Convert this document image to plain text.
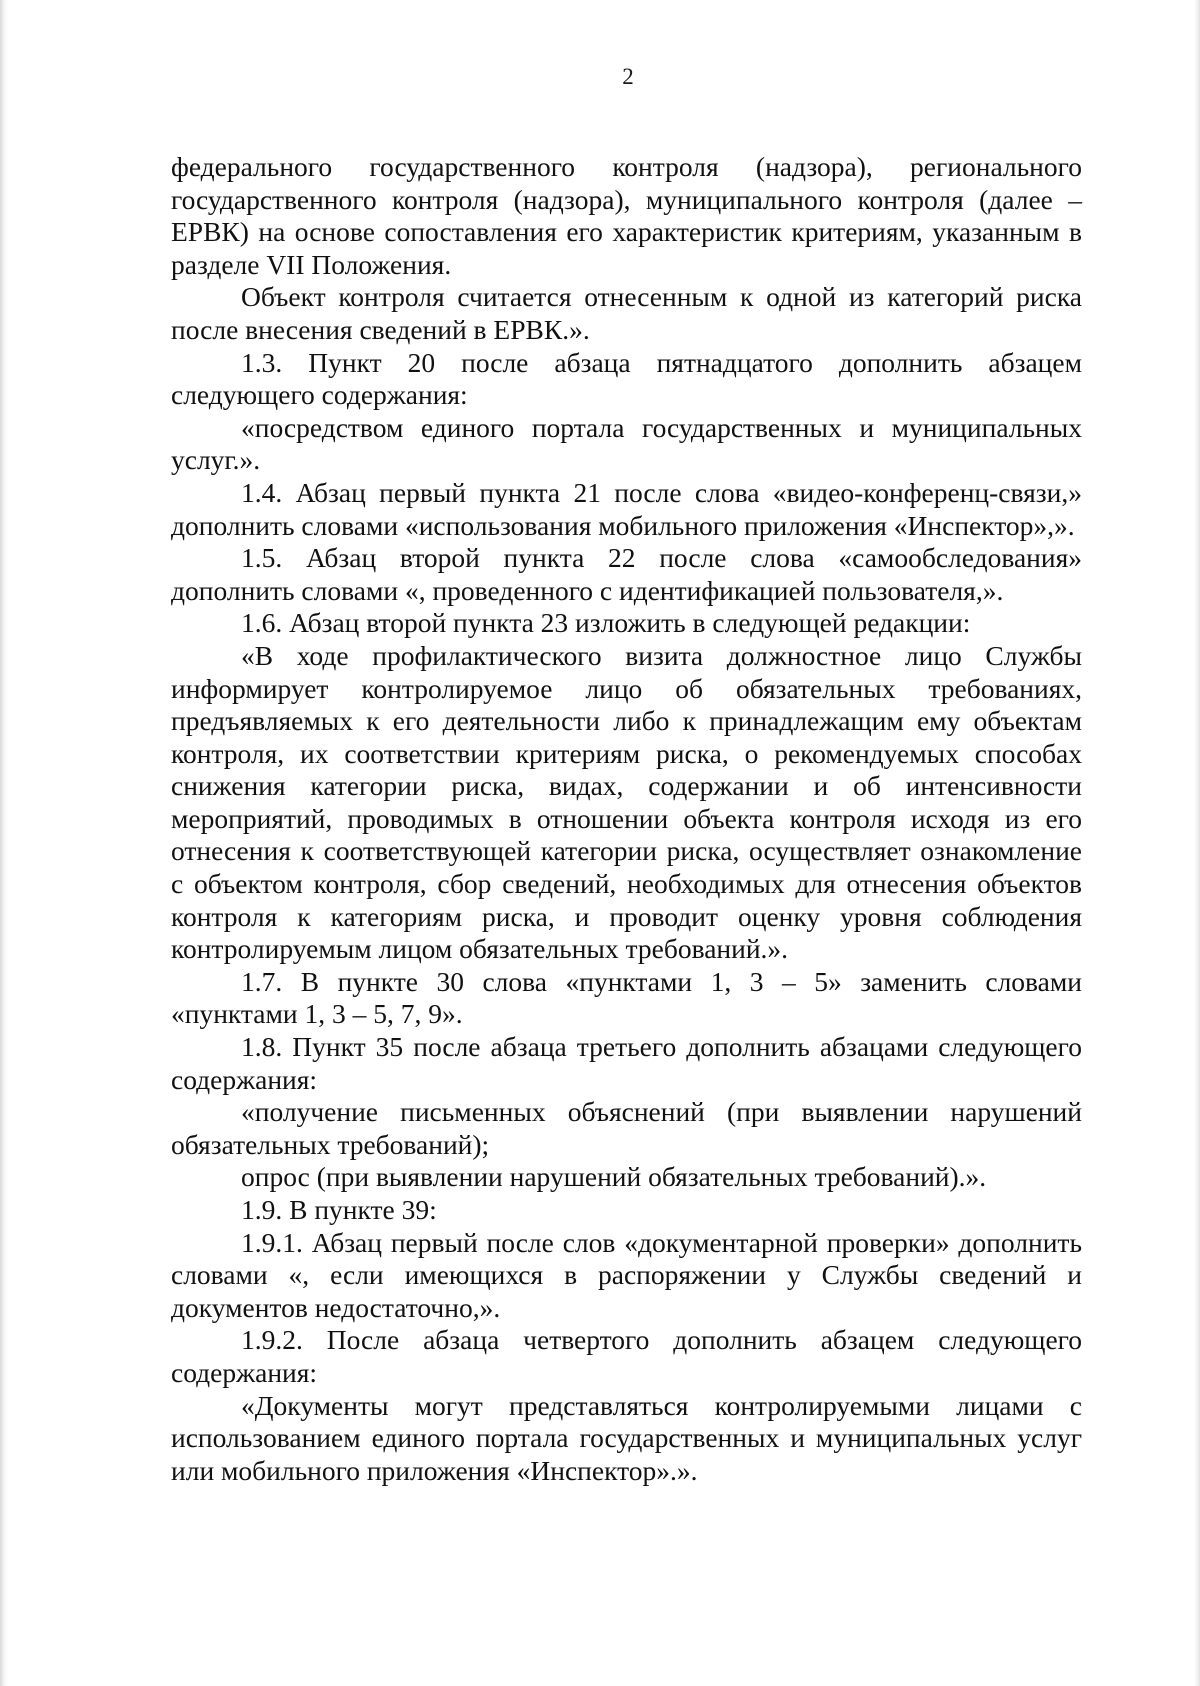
2

федерального государственного контроля (надзора), регионального государственного контроля (надзора), муниципального контроля (далее – ЕРВК) на основе сопоставления его характеристик критериям, указанным в разделе VII Положения.

Объект контроля считается отнесенным к одной из категорий риска после внесения сведений в ЕРВК.».

1.3. Пункт 20 после абзаца пятнадцатого дополнить абзацем следующего содержания:

«посредством единого портала государственных и муниципальных услуг.».

1.4. Абзац первый пункта 21 после слова «видео-конференц-связи,» дополнить словами «использования мобильного приложения «Инспектор»,».

1.5. Абзац второй пункта 22 после слова «самообследования» дополнить словами «, проведенного с идентификацией пользователя,».

1.6. Абзац второй пункта 23 изложить в следующей редакции:

«В ходе профилактического визита должностное лицо Службы информирует контролируемое лицо об обязательных требованиях, предъявляемых к его деятельности либо к принадлежащим ему объектам контроля, их соответствии критериям риска, о рекомендуемых способах снижения категории риска, видах, содержании и об интенсивности мероприятий, проводимых в отношении объекта контроля исходя из его отнесения к соответствующей категории риска, осуществляет ознакомление с объектом контроля, сбор сведений, необходимых для отнесения объектов контроля к категориям риска, и проводит оценку уровня соблюдения контролируемым лицом обязательных требований.».

1.7. В пункте 30 слова «пунктами 1, 3 – 5» заменить словами «пунктами 1, 3 – 5, 7, 9».

1.8. Пункт 35 после абзаца третьего дополнить абзацами следующего содержания:

«получение письменных объяснений (при выявлении нарушений обязательных требований);

опрос (при выявлении нарушений обязательных требований).».

1.9. В пункте 39:

1.9.1. Абзац первый после слов «документарной проверки» дополнить словами «, если имеющихся в распоряжении у Службы сведений и документов недостаточно,».

1.9.2. После абзаца четвертого дополнить абзацем следующего содержания:

«Документы могут представляться контролируемыми лицами с использованием единого портала государственных и муниципальных услуг или мобильного приложения «Инспектор».».
